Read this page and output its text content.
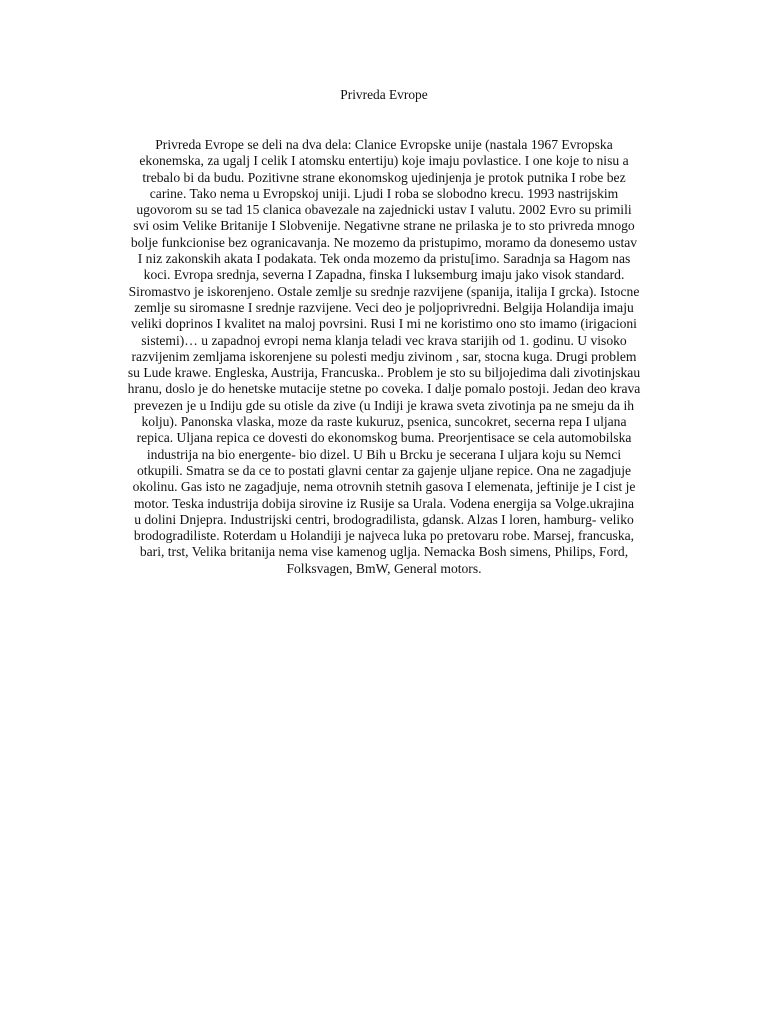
Privreda Evrope
Privreda Evrope se deli na dva dela: Clanice Evropske unije (nastala 1967 Evropska
ekonemska, za ugalj I celik I atomsku entertiju) koje imaju povlastice. I one koje to nisu a
trebalo bi da budu. Pozitivne strane ekonomskog ujedinjenja je protok putnika I robe bez
carine. Tako nema u Evropskoj uniji. Ljudi I roba se slobodno krecu. 1993 nastrijskim
ugovorom su se tad 15 clanica obavezale na zajednicki ustav I valutu. 2002 Evro su primili
svi osim Velike Britanije I Slobvenije. Negativne strane ne prilaska je to sto privreda mnogo
bolje funkcionise bez ogranicavanja. Ne mozemo da pristupimo, moramo da donesemo ustav
I niz zakonskih akata I podakata. Tek onda mozemo da pristu[imo. Saradnja sa Hagom nas
koci. Evropa srednja, severna I Zapadna, finska I luksemburg imaju jako visok standard.
Siromastvo je iskorenjeno. Ostale zemlje su srednje razvijene (spanija, italija I grcka). Istocne
zemlje su siromasne I srednje razvijene. Veci deo je poljoprivredni. Belgija Holandija imaju
veliki doprinos I kvalitet na maloj povrsini. Rusi I mi ne koristimo ono sto imamo (irigacioni
sistemi)… u zapadnoj evropi nema klanja teladi vec krava starijih od 1. godinu. U visoko
razvijenim zemljama iskorenjene su polesti medju zivinom , sar, stocna kuga. Drugi problem
su Lude krawe. Engleska, Austrija, Francuska.. Problem je sto su biljojedima dali zivotinjskau
hranu, doslo je do henetske mutacije stetne po coveka. I dalje pomalo postoji. Jedan deo krava
prevezen je u Indiju gde su otisle da zive (u Indiji je krawa sveta zivotinja pa ne smeju da ih
kolju). Panonska vlaska, moze da raste kukuruz, psenica, suncokret, secerna repa I uljana
repica. Uljana repica ce dovesti do ekonomskog buma. Preorjentisace se cela automobilska
industrija na bio energente- bio dizel. U Bih u Brcku je secerana I uljara koju su Nemci
otkupili. Smatra se da ce to postati glavni centar za gajenje uljane repice. Ona ne zagadjuje
okolinu. Gas isto ne zagadjuje, nema otrovnih stetnih gasova I elemenata, jeftinije je I cist je
motor. Teska industrija dobija sirovine iz Rusije sa Urala. Vodena energija sa Volge.ukrajina
u dolini Dnjepra. Industrijski centri, brodogradilista, gdansk. Alzas I loren, hamburg- veliko
brodogradiliste. Roterdam u Holandiji je najveca luka po pretovaru robe. Marsej, francuska,
bari, trst, Velika britanija nema vise kamenog uglja. Nemacka Bosh simens, Philips, Ford,
Folksvagen, BmW, General motors.
